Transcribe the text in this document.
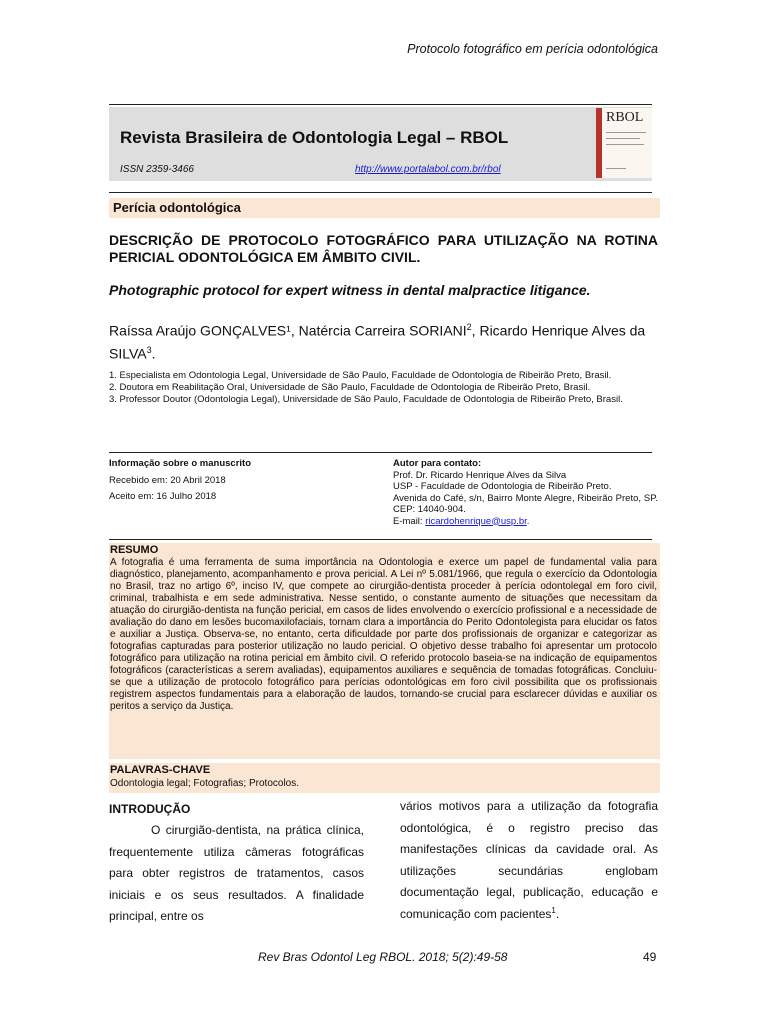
Protocolo fotográfico em perícia odontológica
Revista Brasileira de Odontologia Legal – RBOL
ISSN 2359-3466	http://www.portalabol.com.br/rbol
RBOL
Perícia odontológica
DESCRIÇÃO DE PROTOCOLO FOTOGRÁFICO PARA UTILIZAÇÃO NA ROTINA PERICIAL ODONTOLÓGICA EM ÂMBITO CIVIL.
Photographic protocol for expert witness in dental malpractice litigance.
Raíssa Araújo GONÇALVES¹, Natércia Carreira SORIANI$^2$, Ricardo Henrique Alves da SILVA$^3$.
1. Especialista em Odontologia Legal, Universidade de São Paulo, Faculdade de Odontologia de Ribeirão Preto, Brasil.
2. Doutora em Reabilitação Oral, Universidade de São Paulo, Faculdade de Odontologia de Ribeirão Preto, Brasil.
3. Professor Doutor (Odontologia Legal), Universidade de São Paulo, Faculdade de Odontologia de Ribeirão Preto, Brasil.
Informação sobre o manuscrito
Recebido em: 20 Abril 2018
Aceito em: 16 Julho 2018
Autor para contato:
Prof. Dr. Ricardo Henrique Alves da Silva
USP - Faculdade de Odontologia de Ribeirão Preto.
Avenida do Café, s/n, Bairro Monte Alegre, Ribeirão Preto, SP. CEP: 14040-904.
E-mail: ricardohenrique@usp.br.
RESUMO
A fotografia é uma ferramenta de suma importância na Odontologia e exerce um papel de fundamental valia para diagnóstico, planejamento, acompanhamento e prova pericial. A Lei nº 5.081/1966, que regula o exercício da Odontologia no Brasil, traz no artigo 6º, inciso IV, que compete ao cirurgião-dentista proceder à perícia odontolegal em foro civil, criminal, trabalhista e em sede administrativa. Nesse sentido, o constante aumento de situações que necessitam da atuação do cirurgião-dentista na função pericial, em casos de lides envolvendo o exercício profissional e a necessidade de avaliação do dano em lesões bucomaxilofaciais, tornam clara a importância do Perito Odontolegista para elucidar os fatos e auxiliar a Justiça. Observa-se, no entanto, certa dificuldade por parte dos profissionais de organizar e categorizar as fotografias capturadas para posterior utilização no laudo pericial. O objetivo desse trabalho foi apresentar um protocolo fotográfico para utilização na rotina pericial em âmbito civil. O referido protocolo baseia-se na indicação de equipamentos fotográficos (características a serem avaliadas), equipamentos auxiliares e sequência de tomadas fotográficas. Concluiu-se que a utilização de protocolo fotográfico para perícias odontológicas em foro civil possibilita que os profissionais registrem aspectos fundamentais para a elaboração de laudos, tornando-se crucial para esclarecer dúvidas e auxiliar os peritos a serviço da Justiça.
PALAVRAS-CHAVE
Odontologia legal; Fotografias; Protocolos.
INTRODUÇÃO
O cirurgião-dentista, na prática clínica, frequentemente utiliza câmeras fotográficas para obter registros de tratamentos, casos iniciais e os seus resultados. A finalidade principal, entre os
vários motivos para a utilização da fotografia odontológica, é o registro preciso das manifestações clínicas da cavidade oral. As utilizações secundárias englobam documentação legal, publicação, educação e comunicação com pacientes$^1$.
Rev Bras Odontol Leg RBOL. 2018; 5(2):49-58	49
